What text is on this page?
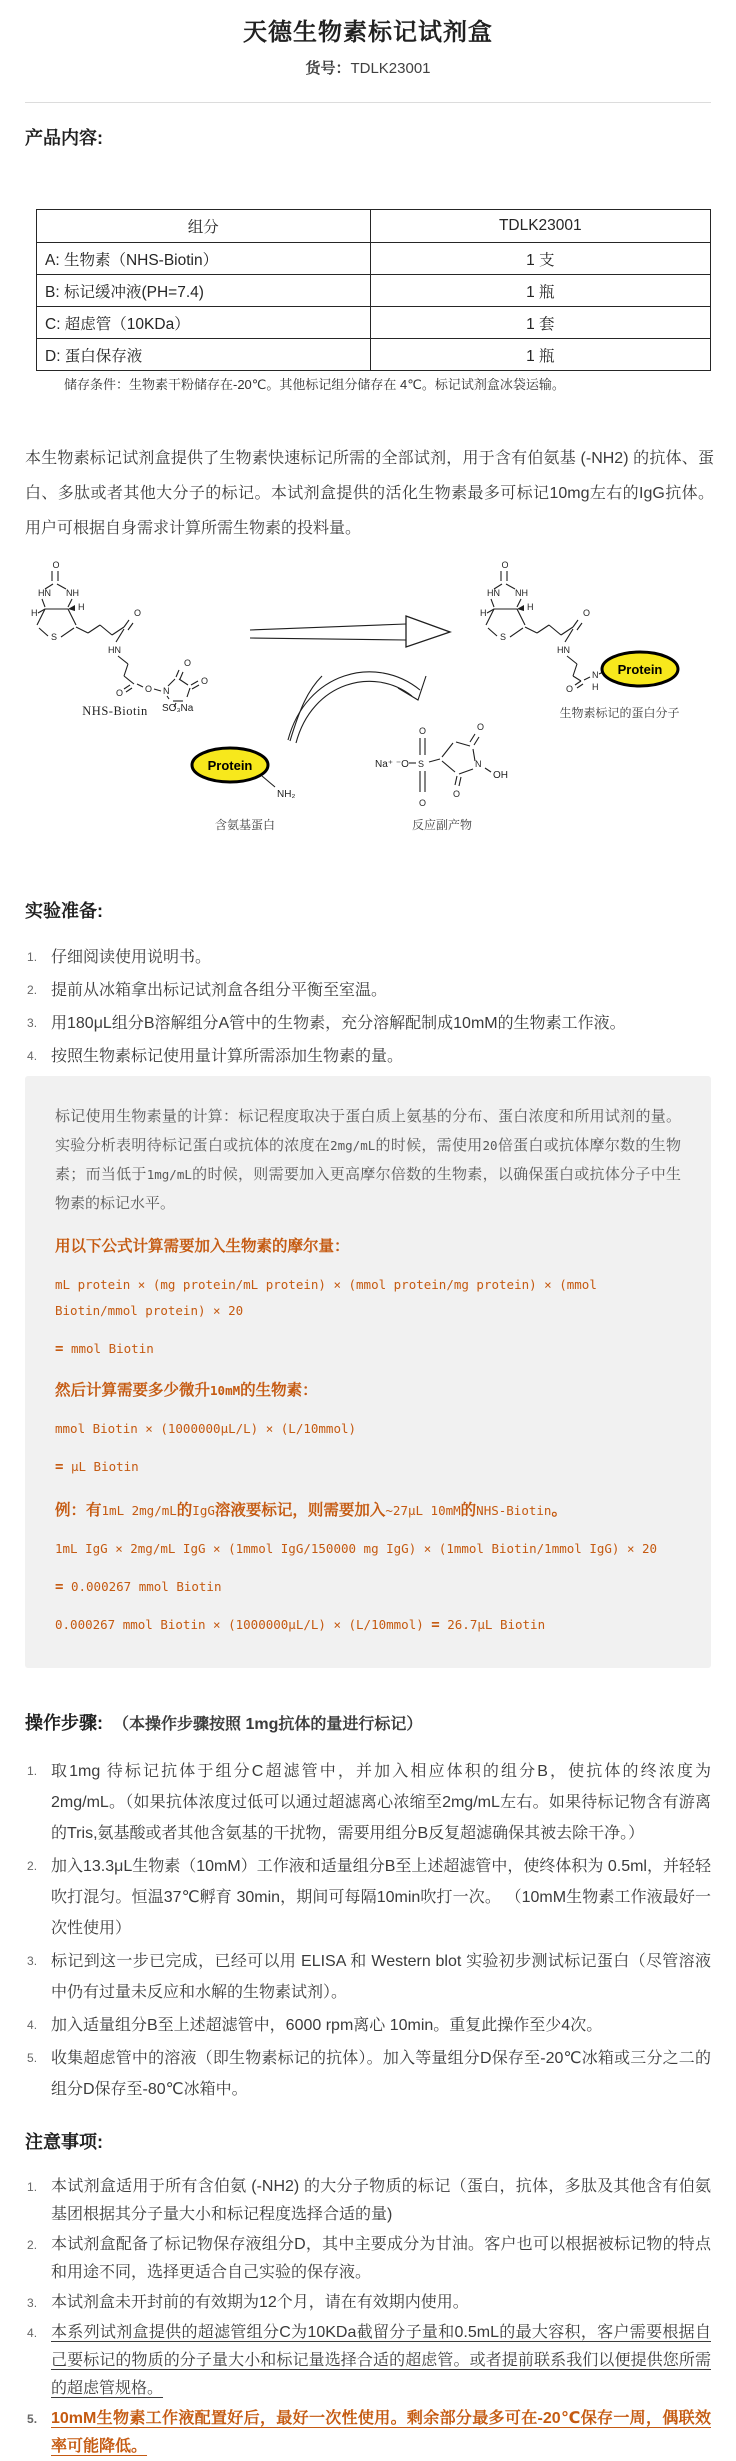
天德生物素标记试剂盒

货号：TDLK23001

产品内容:
组分	TDLK23001
A: 生物素（NHS-Biotin）	1 支
B: 标记缓冲液(PH=7.4)	1 瓶
C: 超虑管（10KDa）	1 套
D: 蛋白保存液	1 瓶

储存条件：生物素干粉储存在-20℃。其他标记组分储存在 4℃。标记试剂盒冰袋运输。

本生物素标记试剂盒提供了生物素快速标记所需的全部试剂，用于含有伯氨基 (-NH2) 的抗体、蛋白、多肽或者其他大分子的标记。本试剂盒提供的活化生物素最多可标记10mg左右的IgG抗体。用户可根据自身需求计算所需生物素的投料量。

O
HN NH
H
H
S
O
HN
O O N
O
O
SO₃Na
NHS-Biotin
O
HN NH
H
H
S
O
HN
O
N
H
Protein
生物素标记的蛋白分子
Protein
NH₂
含氨基蛋白
Na⁺ ⁻O S
O
O
N
OH
O
O
反应副产物
实验准备:
仔细阅读使用说明书。
提前从冰箱拿出标记试剂盒各组分平衡至室温。
用180μL组分B溶解组分A管中的生物素，充分溶解配制成10mM的生物素工作液。
按照生物素标记使用量计算所需添加生物素的量。

标记使用生物素量的计算：标记程度取决于蛋白质上氨基的分布、蛋白浓度和所用试剂的量。实验分析表明待标记蛋白或抗体的浓度在2mg/mL的时候，需使用20倍蛋白或抗体摩尔数的生物素；而当低于1mg/mL的时候，则需要加入更高摩尔倍数的生物素，以确保蛋白或抗体分子中生物素的标记水平。

用以下公式计算需要加入生物素的摩尔量：

mL protein × (mg protein/mL protein) × (mmol protein/mg protein) × (mmol Biotin/mmol protein) × 20

= mmol Biotin

然后计算需要多少微升10mM的生物素：

mmol Biotin × (1000000μL/L) × (L/10mmol)

= μL Biotin

例：有1mL 2mg/mL的IgG溶液要标记，则需要加入~27μL 10mM的NHS-Biotin。

1mL IgG × 2mg/mL IgG × (1mmol IgG/150000 mg IgG) × (1mmol Biotin/1mmol IgG) × 20

= 0.000267 mmol Biotin

0.000267 mmol Biotin × (1000000μL/L) × (L/10mmol) = 26.7μL Biotin

操作步骤: （本操作步骤按照 1mg抗体的量进行标记）
取1mg 待标记抗体于组分C超滤管中，并加入相应体积的组分B，使抗体的终浓度为 2mg/mL。（如果抗体浓度过低可以通过超滤离心浓缩至2mg/mL左右。如果待标记物含有游离的Tris,氨基酸或者其他含氨基的干扰物，需要用组分B反复超滤确保其被去除干净。）
加入13.3μL生物素（10mM）工作液和适量组分B至上述超滤管中，使终体积为 0.5ml，并轻轻吹打混匀。恒温37℃孵育 30min，期间可每隔10min吹打一次。 （10mM生物素工作液最好一次性使用）
标记到这一步已完成，已经可以用 ELISA 和 Western blot 实验初步测试标记蛋白（尽管溶液中仍有过量未反应和水解的生物素试剂）。
加入适量组分B至上述超滤管中，6000 rpm离心 10min。重复此操作至少4次。
收集超虑管中的溶液（即生物素标记的抗体）。加入等量组分D保存至-20℃冰箱或三分之二的组分D保存至-80℃冰箱中。
注意事项:
本试剂盒适用于所有含伯氨 (-NH2) 的大分子物质的标记（蛋白，抗体，多肽及其他含有伯氨基团根据其分子量大小和标记程度选择合适的量)
本试剂盒配备了标记物保存液组分D，其中主要成分为甘油。客户也可以根据被标记物的特点和用途不同，选择更适合自己实验的保存液。
本试剂盒未开封前的有效期为12个月，请在有效期内使用。
本系列试剂盒提供的超滤管组分C为10KDa截留分子量和0.5mL的最大容积，客户需要根据自己要标记的物质的分子量大小和标记量选择合适的超虑管。或者提前联系我们以便提供您所需的超虑管规格。
10mM生物素工作液配置好后，最好一次性使用。剩余部分最多可在-20℃保存一周，偶联效率可能降低。
